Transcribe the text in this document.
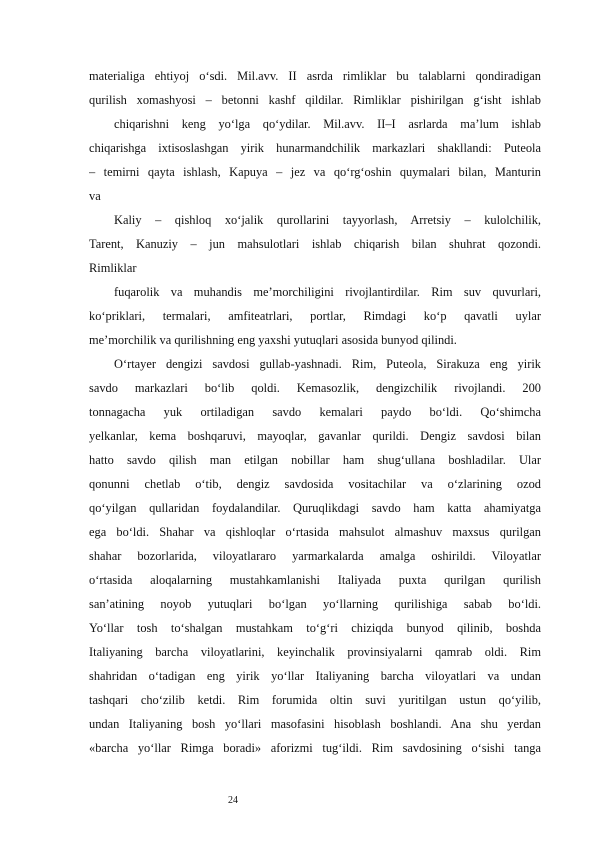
materialiga ehtiyoj o‘sdi. Mil.avv. II asrda rimliklar bu talablarni qondiradigan
qurilish xomashyosi – betonni kashf qildilar. Rimliklar pishirilgan g‘isht ishlab
chiqarishni keng yo‘lga qo‘ydilar. Mil.avv. II–I asrlarda ma’lum ishlab
chiqarishga ixtisoslashgan yirik hunarmandchilik markazlari shakllandi: Puteola
– temirni qayta ishlash, Kapuya – jez va qo‘rg‘oshin quymalari bilan, Manturin
va
Kaliy – qishloq xo‘jalik qurollarini tayyorlash, Arretsiy – kulolchilik,
Tarent, Kanuziy – jun mahsulotlari ishlab chiqarish bilan shuhrat qozondi.
Rimliklar
fuqarolik va muhandis me’morchiligini rivojlantirdilar. Rim suv quvurlari,
ko‘priklari, termalari, amfiteatrlari, portlar, Rimdagi ko‘p qavatli uylar
me’morchilik va qurilishning eng yaxshi yutuqlari asosida bunyod qilindi.
O‘rtayer dengizi savdosi gullab-yashnadi. Rim, Puteola, Sirakuza eng yirik
savdo markazlari bo‘lib qoldi. Kemasozlik, dengizchilik rivojlandi. 200
tonnagacha yuk ortiladigan savdo kemalari paydo bo‘ldi. Qo‘shimcha
yelkanlar, kema boshqaruvi, mayoqlar, gavanlar qurildi. Dengiz savdosi bilan
hatto savdo qilish man etilgan nobillar ham shug‘ullana boshladilar. Ular
qonunni chetlab o‘tib, dengiz savdosida vositachilar va o‘zlarining ozod
qo‘yilgan qullaridan foydalandilar. Quruqlikdagi savdo ham katta ahamiyatga
ega bo‘ldi. Shahar va qishloqlar o‘rtasida mahsulot almashuv maxsus qurilgan
shahar bozorlarida, viloyatlararo yarmarkalarda amalga oshirildi. Viloyatlar
o‘rtasida aloqalarning mustahkamlanishi Italiyada puxta qurilgan qurilish
san’atining noyob yutuqlari bo‘lgan yo‘llarning qurilishiga sabab bo‘ldi.
Yo‘llar tosh to‘shalgan mustahkam to‘g‘ri chiziqda bunyod qilinib, boshda
Italiyaning barcha viloyatlarini, keyinchalik provinsiyalarni qamrab oldi. Rim
shahridan o‘tadigan eng yirik yo‘llar Italiyaning barcha viloyatlari va undan
tashqari cho‘zilib ketdi. Rim forumida oltin suvi yuritilgan ustun qo‘yilib,
undan Italiyaning bosh yo‘llari masofasini hisoblash boshlandi. Ana shu yerdan
«barcha yo‘llar Rimga boradi» aforizmi tug‘ildi. Rim savdosining o‘sishi tanga
24
